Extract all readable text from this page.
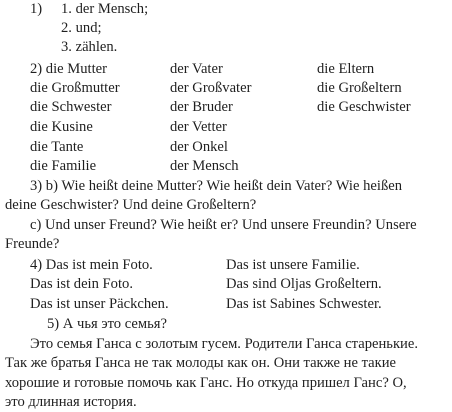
1) 1. der Mensch;
2. und;
3. zählen.
2) die Mutter	der Vater	die Eltern
die Großmutter	der Großvater	die Großeltern
die Schwester	der Bruder	die Geschwister
die Kusine	der Vetter
die Tante	der Onkel
die Familie	der Mensch
3) b) Wie heißt deine Mutter? Wie heißt dein Vater? Wie heißen
deine Geschwister? Und deine Großeltern?
c) Und unser Freund? Wie heißt er? Und unsere Freundin? Unsere
Freunde?
4) Das ist mein Foto.	Das ist unsere Familie.
Das ist dein Foto.	Das sind Oljas Großeltern.
Das ist unser Päckchen.	Das ist Sabines Schwester.
5) А чья это семья?
Это семья Ганса с золотым гусем. Родители Ганса старенькие.
Так же братья Ганса не так молоды как он. Они также не такие
хорошие и готовые помочь как Ганс. Но откуда пришел Ганс? О,
это длинная история.
